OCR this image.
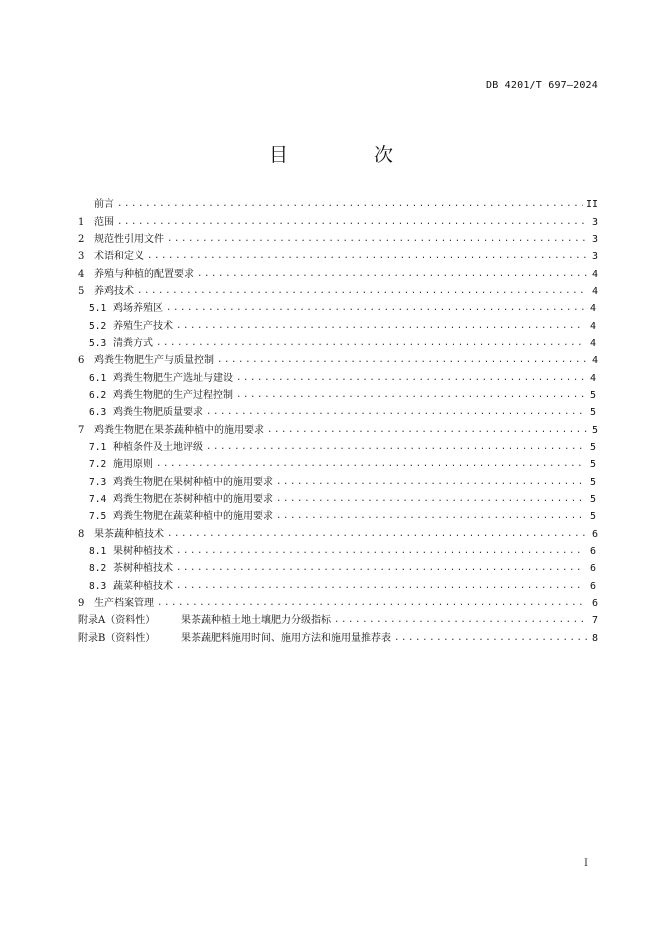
DB 4201/T 697—2024
目 次
前言 .....	II
1 范围 .....	3
2 规范性引用文件 .....	3
3 术语和定义 .....	3
4 养殖与种植的配置要求 .....	4
5 养鸡技术 .....	4
5.1 鸡场养殖区 .....	4
5.2 养殖生产技术 .....	4
5.3 清粪方式 .....	4
6 鸡粪生物肥生产与质量控制 .....	4
6.1 鸡粪生物肥生产选址与建设 .....	4
6.2 鸡粪生物肥的生产过程控制 .....	5
6.3 鸡粪生物肥质量要求 .....	5
7 鸡粪生物肥在果茶蔬种植中的施用要求 .....	5
7.1 种植条件及土地评级 .....	5
7.2 施用原则 .....	5
7.3 鸡粪生物肥在果树种植中的施用要求 .....	5
7.4 鸡粪生物肥在茶树种植中的施用要求 .....	5
7.5 鸡粪生物肥在蔬菜种植中的施用要求 .....	5
8 果茶蔬种植技术 .....	6
8.1 果树种植技术 .....	6
8.2 茶树种植技术 .....	6
8.3 蔬菜种植技术 .....	6
9 生产档案管理 .....	6
附录A（资料性）	果茶蔬种植土地土壤肥力分级指标 .....	7
附录B（资料性）	果茶蔬肥料施用时间、施用方法和施用量推荐表 .....	8
I
